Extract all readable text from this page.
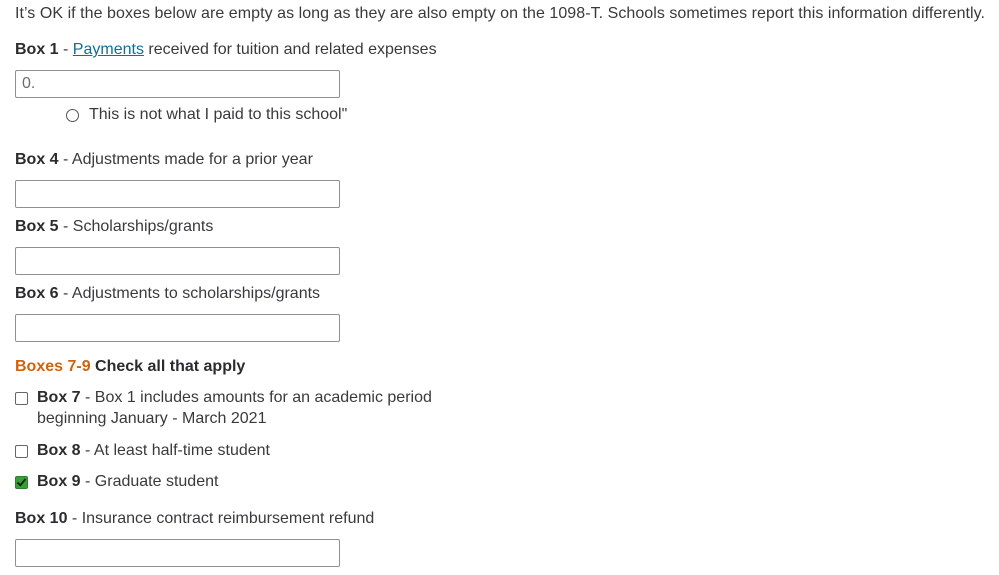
It’s OK if the boxes below are empty as long as they are also empty on the 1098-T. Schools sometimes report this information differently.
Box 1 - Payments received for tuition and related expenses
0.
This is not what I paid to this school"
Box 4 - Adjustments made for a prior year
Box 5 - Scholarships/grants
Box 6 - Adjustments to scholarships/grants
Boxes 7-9 Check all that apply
Box 7 - Box 1 includes amounts for an academic period
beginning January - March 2021
Box 8 - At least half-time student
Box 9 - Graduate student
Box 10 - Insurance contract reimbursement refund
